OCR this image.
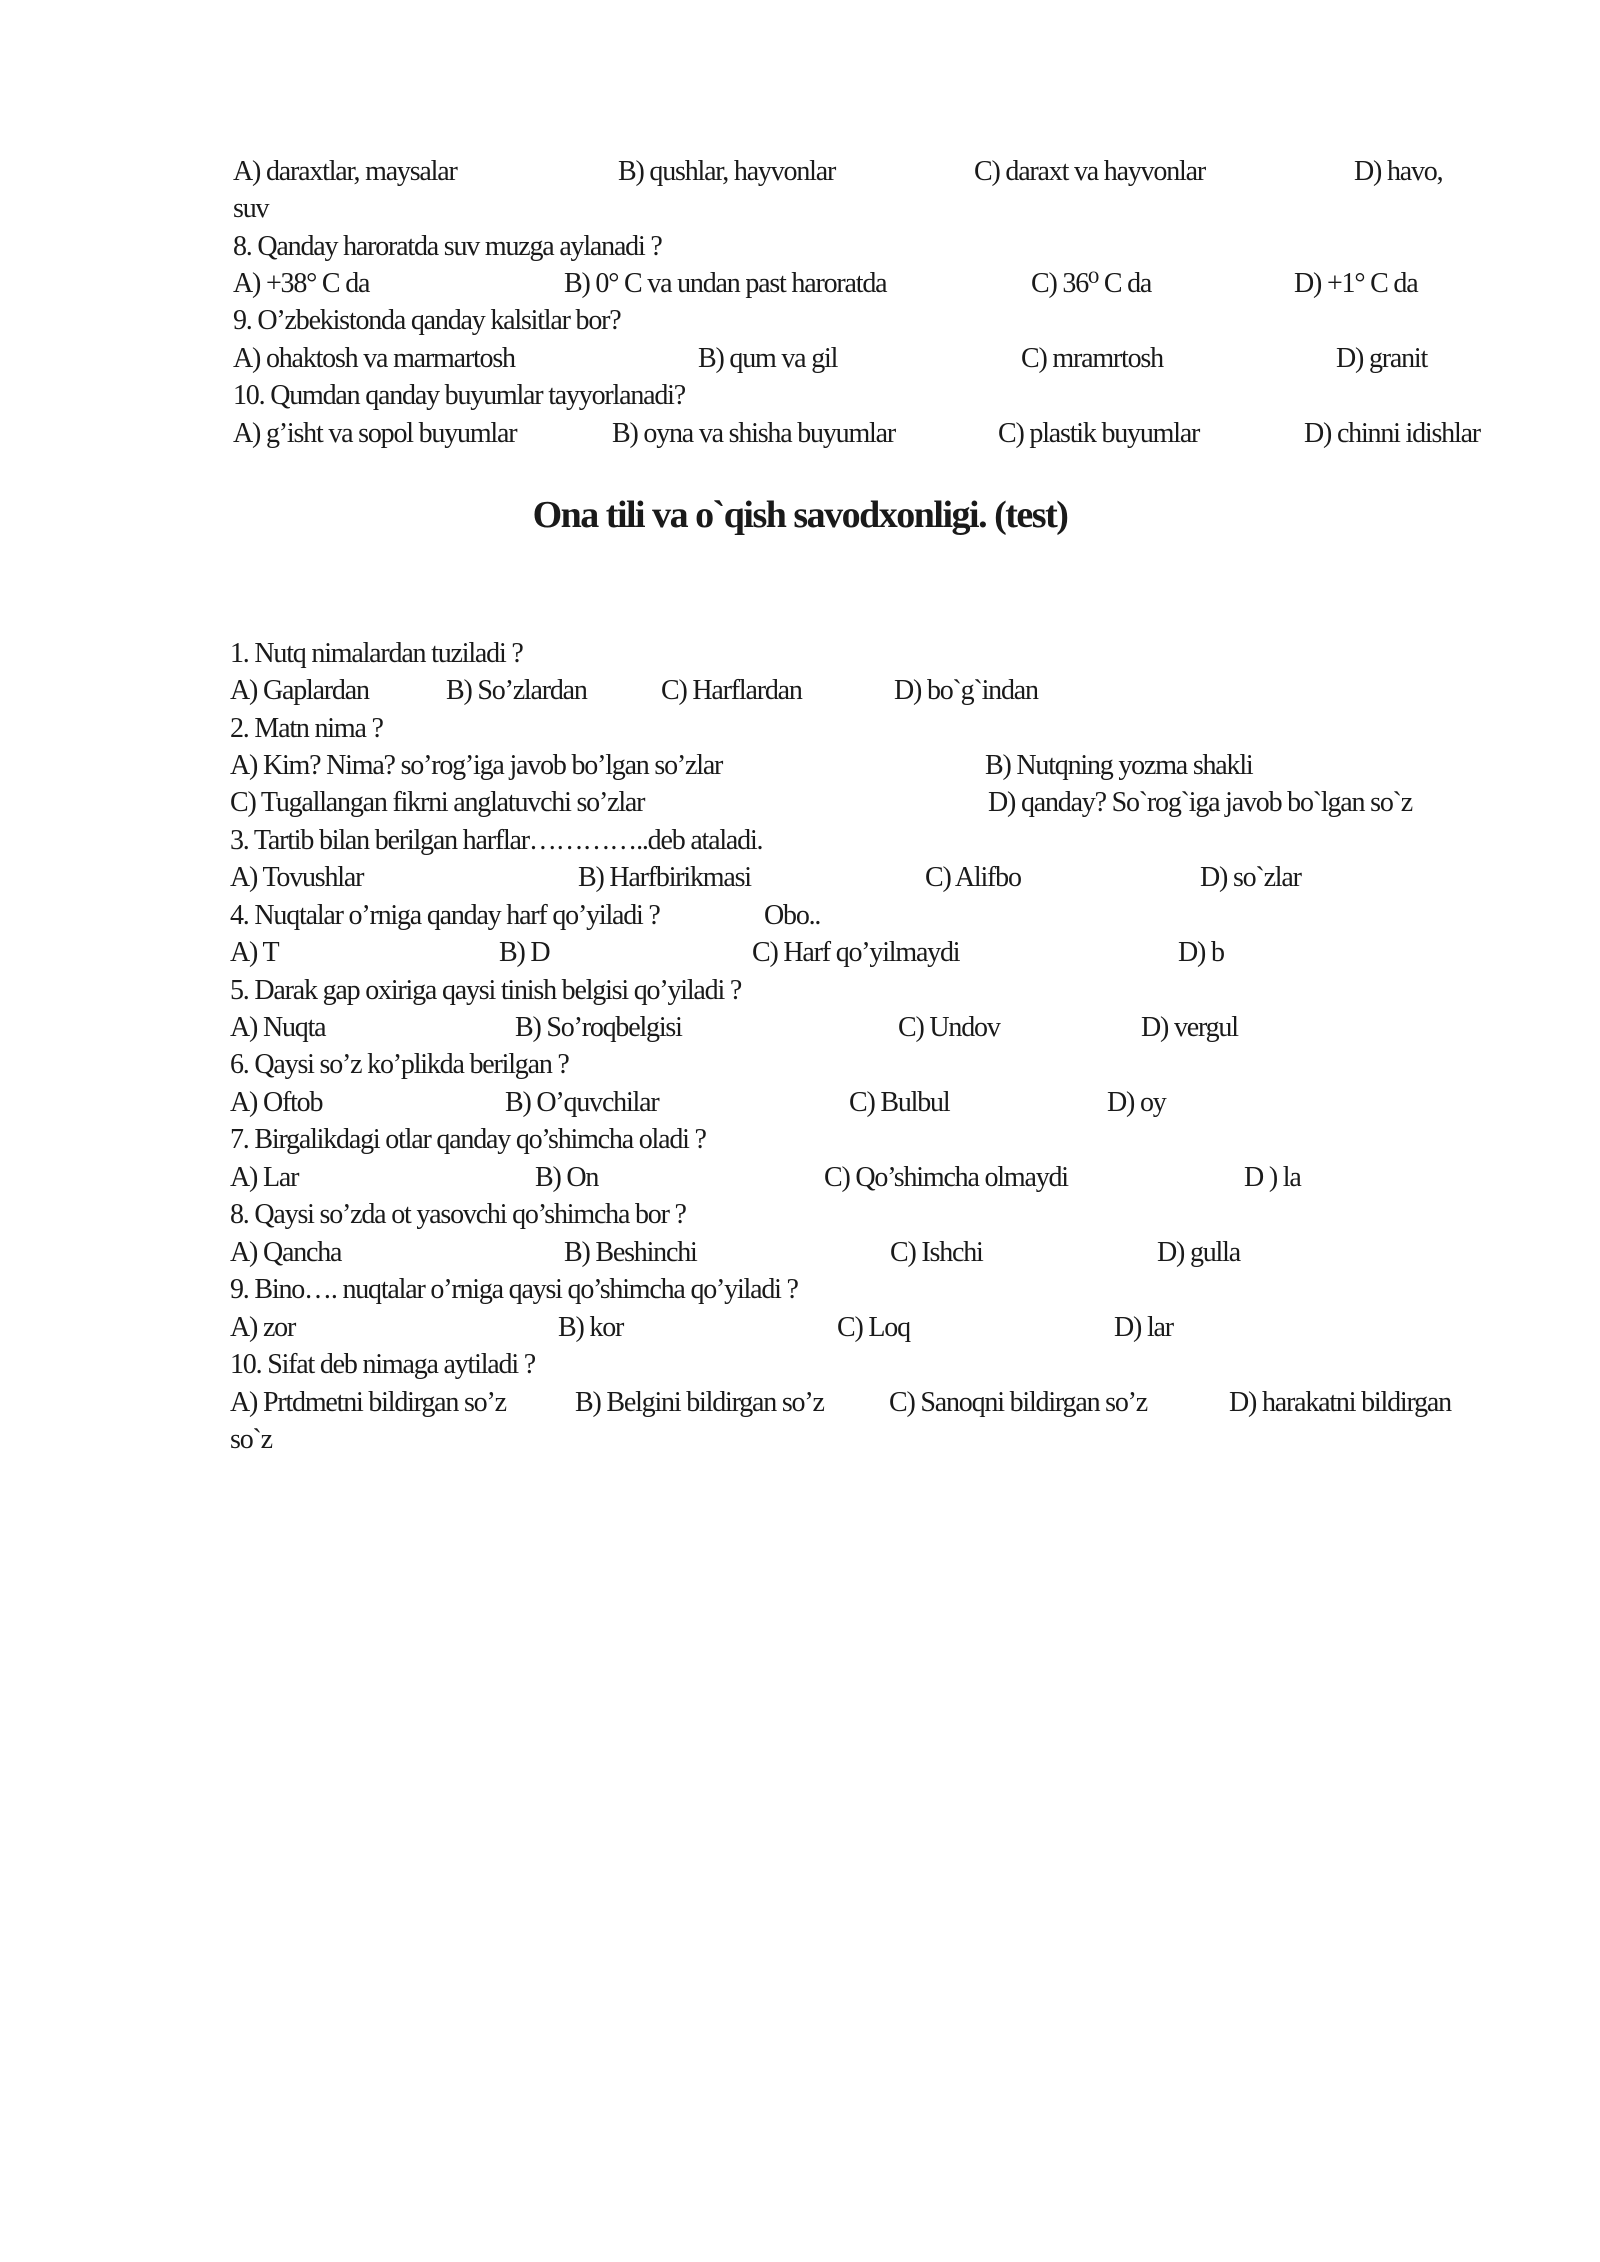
A) daraxtlar, maysalar	B) qushlar, hayvonlar	C) daraxt va hayvonlar	D) havo,
suv
8. Qanday haroratda suv muzga aylanadi ?
A) +38° C da	B) 0° C va undan past haroratda	C) 36⁰ C da	D) +1° C da
9. O’zbekistonda qanday kalsitlar bor?
A) ohaktosh va marmartosh	B) qum va gil	C) mramrtosh	D) granit
10. Qumdan qanday buyumlar tayyorlanadi?
A) g’isht va sopol buyumlar	B) oyna va shisha buyumlar	C) plastik buyumlar	D) chinni idishlar
Ona tili va o`qish savodxonligi. (test)
1. Nutq nimalardan tuziladi ?
A) Gaplardan	B) So’zlardan	C) Harflardan	D) bo`g`indan
2. Matn nima ?
A) Kim? Nima? so’rog’iga javob bo’lgan so’zlar	B) Nutqning yozma shakli
C) Tugallangan fikrni anglatuvchi so’zlar	D) qanday? So`rog`iga javob bo`lgan so`z
3. Tartib bilan berilgan harflar…………..deb ataladi.
A) Tovushlar	B) Harfbirikmasi	C) Alifbo	D) so`zlar
4. Nuqtalar o’rniga qanday harf qo’yiladi ?	Obo..
A) T	B) D	C) Harf qo’yilmaydi	D) b
5. Darak gap oxiriga qaysi tinish belgisi qo’yiladi ?
A) Nuqta	B) So’roqbelgisi	C) Undov	D) vergul
6. Qaysi so’z ko’plikda berilgan ?
A) Oftob	B) O’quvchilar	C) Bulbul	D) oy
7. Birgalikdagi otlar qanday qo’shimcha oladi ?
A) Lar	B) On	C) Qo’shimcha olmaydi	D ) la
8. Qaysi so’zda ot yasovchi qo’shimcha bor ?
A) Qancha	B) Beshinchi	C) Ishchi	D) gulla
9. Bino…. nuqtalar o’rniga qaysi qo’shimcha qo’yiladi ?
A) zor	B) kor	C) Loq	D) lar
10. Sifat deb nimaga aytiladi ?
A) Prtdmetni bildirgan so’z B) Belgini bildirgan so’z C) Sanoqni bildirgan so’z	D) harakatni bildirgan
so`z
